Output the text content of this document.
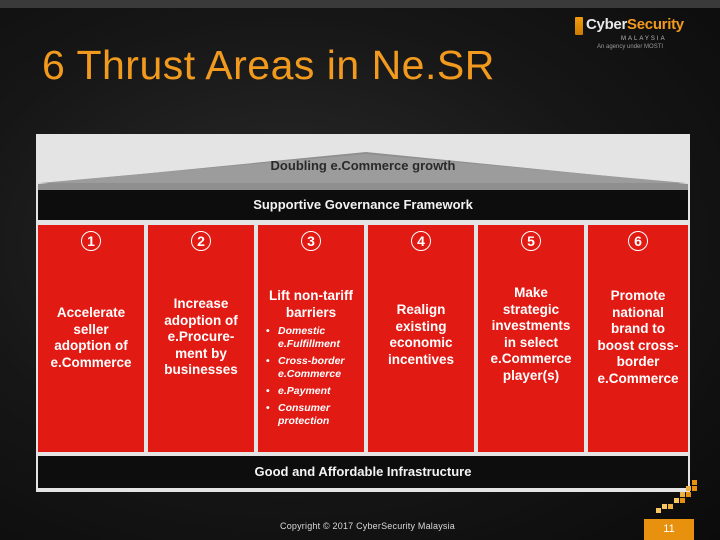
6 Thrust Areas in Ne.SR
CyberSecurity
MALAYSIA
An agency under MOSTI
Doubling e.Commerce growth
Supportive Governance Framework
1
Accelerate
seller
adoption of
e.Commerce
2
Increase
adoption of
e.Procure-
ment by
businesses
3
Lift non-tariff
barriers
• Domestic
e.Fulfillment
• Cross-border
e.Commerce
• e.Payment
• Consumer
protection
4
Realign
existing
economic
incentives
5
Make
strategic
investments
in select
e.Commerce
player(s)
6
Promote
national
brand to
boost cross-
border
e.Commerce
Good and Affordable Infrastructure
Copyright © 2017 CyberSecurity Malaysia	11
